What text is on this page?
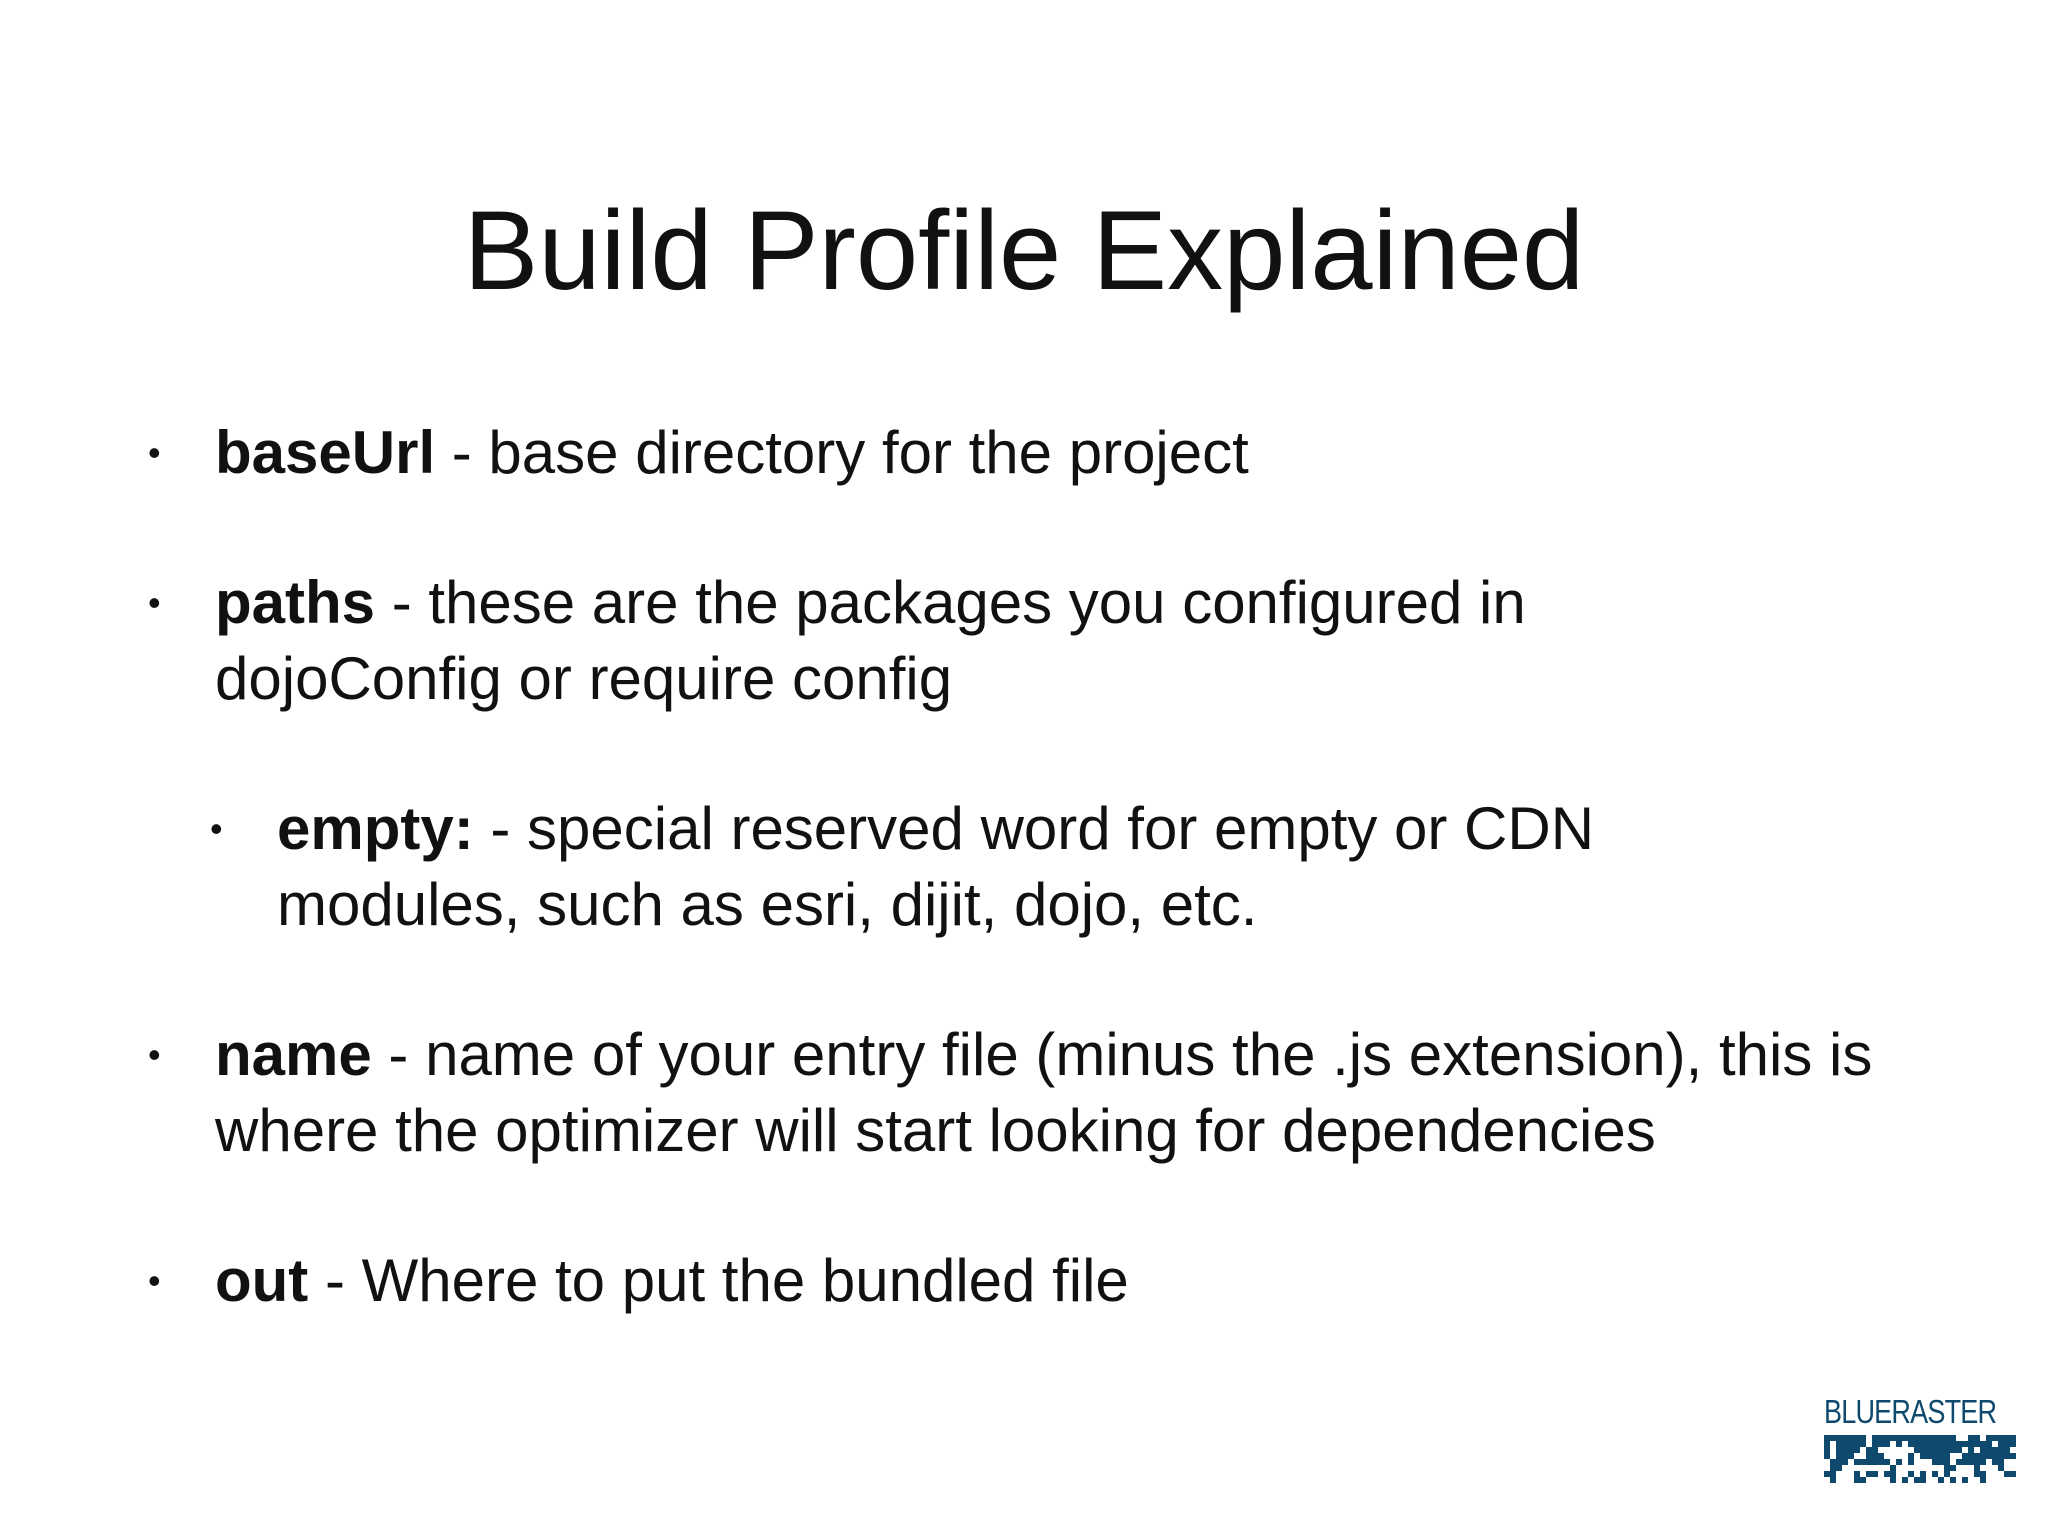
Build Profile Explained
• baseUrl - base directory for the project
• paths - these are the packages you configured in dojoConfig or require config
• empty: - special reserved word for empty or CDN modules, such as esri, dijit, dojo, etc.
• name - name of your entry file (minus the .js extension), this is where the optimizer will start looking for dependencies
• out - Where to put the bundled file
BLUERASTER
